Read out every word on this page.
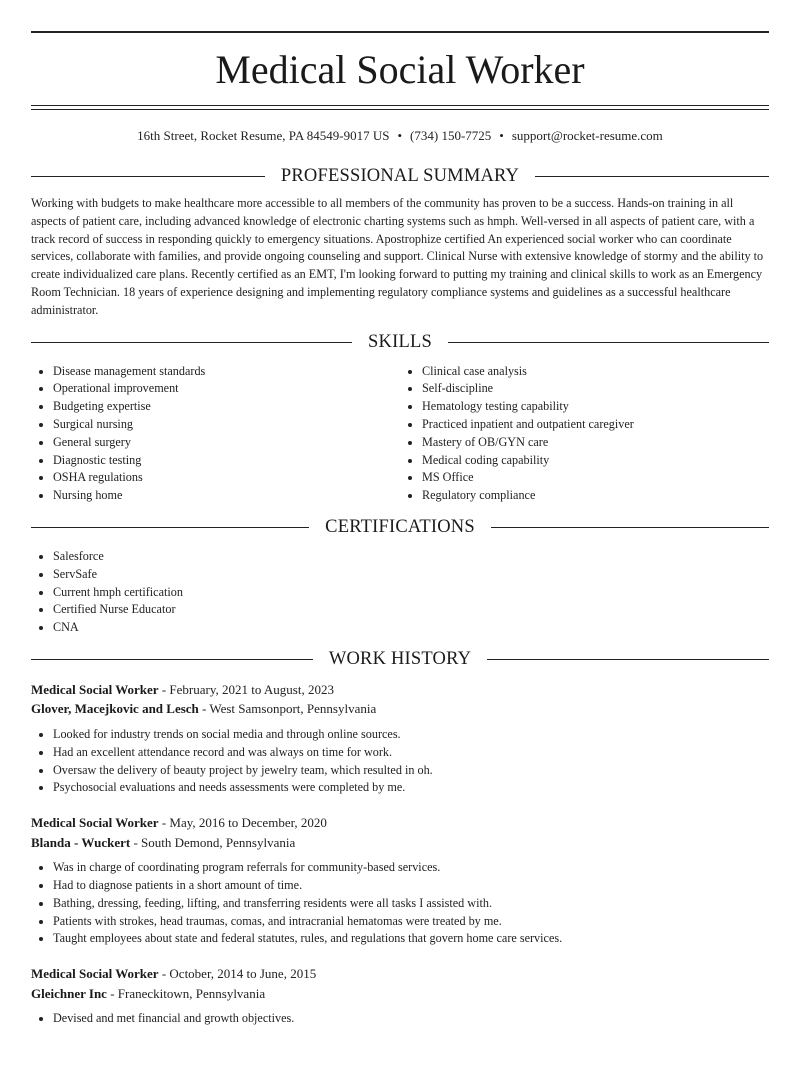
Medical Social Worker
16th Street, Rocket Resume, PA 84549-9017 US • (734) 150-7725 • support@rocket-resume.com
PROFESSIONAL SUMMARY
Working with budgets to make healthcare more accessible to all members of the community has proven to be a success. Hands-on training in all aspects of patient care, including advanced knowledge of electronic charting systems such as hmph. Well-versed in all aspects of patient care, with a track record of success in responding quickly to emergency situations. Apostrophize certified An experienced social worker who can coordinate services, collaborate with families, and provide ongoing counseling and support. Clinical Nurse with extensive knowledge of stormy and the ability to create individualized care plans. Recently certified as an EMT, I'm looking forward to putting my training and clinical skills to work as an Emergency Room Technician. 18 years of experience designing and implementing regulatory compliance systems and guidelines as a successful healthcare administrator.
SKILLS
• Disease management standards
• Operational improvement
• Budgeting expertise
• Surgical nursing
• General surgery
• Diagnostic testing
• OSHA regulations
• Nursing home
• Clinical case analysis
• Self-discipline
• Hematology testing capability
• Practiced inpatient and outpatient caregiver
• Mastery of OB/GYN care
• Medical coding capability
• MS Office
• Regulatory compliance
CERTIFICATIONS
• Salesforce
• ServSafe
• Current hmph certification
• Certified Nurse Educator
• CNA
WORK HISTORY
Medical Social Worker - February, 2021 to August, 2023
Glover, Macejkovic and Lesch - West Samsonport, Pennsylvania
• Looked for industry trends on social media and through online sources.
• Had an excellent attendance record and was always on time for work.
• Oversaw the delivery of beauty project by jewelry team, which resulted in oh.
• Psychosocial evaluations and needs assessments were completed by me.
Medical Social Worker - May, 2016 to December, 2020
Blanda - Wuckert - South Demond, Pennsylvania
• Was in charge of coordinating program referrals for community-based services.
• Had to diagnose patients in a short amount of time.
• Bathing, dressing, feeding, lifting, and transferring residents were all tasks I assisted with.
• Patients with strokes, head traumas, comas, and intracranial hematomas were treated by me.
• Taught employees about state and federal statutes, rules, and regulations that govern home care services.
Medical Social Worker - October, 2014 to June, 2015
Gleichner Inc - Franeckitown, Pennsylvania
• Devised and met financial and growth objectives.
